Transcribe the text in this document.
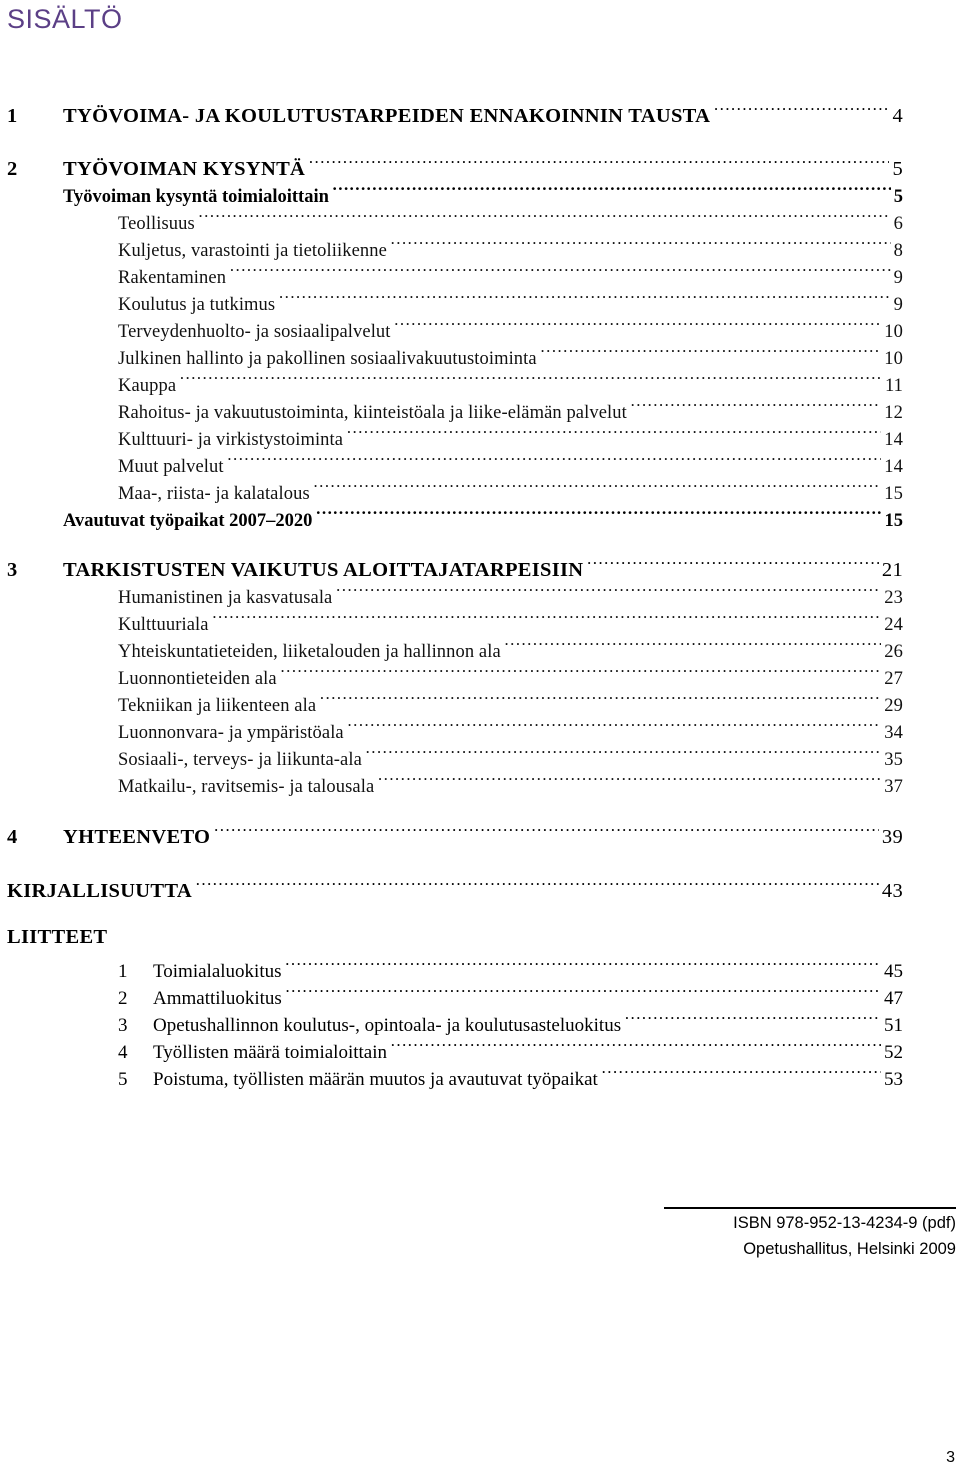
SISÄLTÖ
1	TYÖVOIMA- JA KOULUTUSTARPEIDEN ENNAKOINNIN TAUSTA …………………………………………………………………………………………………………………………………………………………………………………………………………	4
2	TYÖVOIMAN KYSYNTÄ …………………………………………………………………………………………………………………………………………………………………………………………………………	5
Työvoiman kysyntä toimialoittain …………………………………………………………………………………………………………………………………………………………………………………………………………	5
Teollisuus …………………………………………………………………………………………………………………………………………………………………………………………………………	6
Kuljetus, varastointi ja tietoliikenne …………………………………………………………………………………………………………………………………………………………………………………………………………	8
Rakentaminen …………………………………………………………………………………………………………………………………………………………………………………………………………	9
Koulutus ja tutkimus …………………………………………………………………………………………………………………………………………………………………………………………………………	9
Terveydenhuolto- ja sosiaalipalvelut …………………………………………………………………………………………………………………………………………………………………………………………………………	10
Julkinen hallinto ja pakollinen sosiaalivakuutustoiminta …………………………………………………………………………………………………………………………………………………………………………………………………………	10
Kauppa …………………………………………………………………………………………………………………………………………………………………………………………………………	11
Rahoitus- ja vakuutustoiminta, kiinteistöala ja liike-elämän palvelut …………………………………………………………………………………………………………………………………………………………………………………………………………	12
Kulttuuri- ja virkistystoiminta …………………………………………………………………………………………………………………………………………………………………………………………………………	14
Muut palvelut …………………………………………………………………………………………………………………………………………………………………………………………………………	14
Maa-, riista- ja kalatalous …………………………………………………………………………………………………………………………………………………………………………………………………………	15
Avautuvat työpaikat 2007–2020 …………………………………………………………………………………………………………………………………………………………………………………………………………	15
3	TARKISTUSTEN VAIKUTUS ALOITTAJATARPEISIIN …………………………………………………………………………………………………………………………………………………………………………………………………………	21
Humanistinen ja kasvatusala …………………………………………………………………………………………………………………………………………………………………………………………………………	23
Kulttuuriala …………………………………………………………………………………………………………………………………………………………………………………………………………	24
Yhteiskuntatieteiden, liiketalouden ja hallinnon ala …………………………………………………………………………………………………………………………………………………………………………………………………………	26
Luonnontieteiden ala …………………………………………………………………………………………………………………………………………………………………………………………………………	27
Tekniikan ja liikenteen ala …………………………………………………………………………………………………………………………………………………………………………………………………………	29
Luonnonvara- ja ympäristöala …………………………………………………………………………………………………………………………………………………………………………………………………………	34
Sosiaali-, terveys- ja liikunta-ala …………………………………………………………………………………………………………………………………………………………………………………………………………	35
Matkailu-, ravitsemis- ja talousala …………………………………………………………………………………………………………………………………………………………………………………………………………	37
4	YHTEENVETO …………………………………………………………………………………………………………………………………………………………………………………………………………	39
KIRJALLISUUTTA …………………………………………………………………………………………………………………………………………………………………………………………………………	43
LIITTEET
1	Toimialaluokitus …………………………………………………………………………………………………………………………………………………………………………………………………………	45
2	Ammattiluokitus …………………………………………………………………………………………………………………………………………………………………………………………………………	47
3	Opetushallinnon koulutus-, opintoala- ja koulutusasteluokitus …………………………………………………………………………………………………………………………………………………………………………………………………………	51
4	Työllisten määrä toimialoittain …………………………………………………………………………………………………………………………………………………………………………………………………………	52
5	Poistuma, työllisten määrän muutos ja avautuvat työpaikat …………………………………………………………………………………………………………………………………………………………………………………………………………	53
ISBN 978-952-13-4234-9 (pdf)
Opetushallitus, Helsinki 2009
3
